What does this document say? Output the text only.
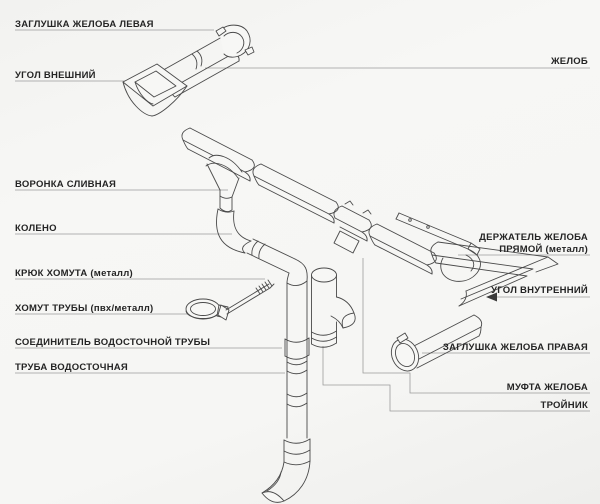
ЗАГЛУШКА ЖЕЛОБА ЛЕВАЯ
УГОЛ ВНЕШНИЙ
ВОРОНКА СЛИВНАЯ
КОЛЕНО
КРЮК ХОМУТА (металл)
ХОМУТ ТРУБЫ (пвх/металл)
СОЕДИНИТЕЛЬ ВОДОСТОЧНОЙ ТРУБЫ
ТРУБА ВОДОСТОЧНАЯ
ЖЕЛОБ
ДЕРЖАТЕЛЬ ЖЕЛОБА
ПРЯМОЙ (металл)
УГОЛ ВНУТРЕННИЙ
ЗАГЛУШКА ЖЕЛОБА ПРАВАЯ
МУФТА ЖЕЛОБА
ТРОЙНИК
